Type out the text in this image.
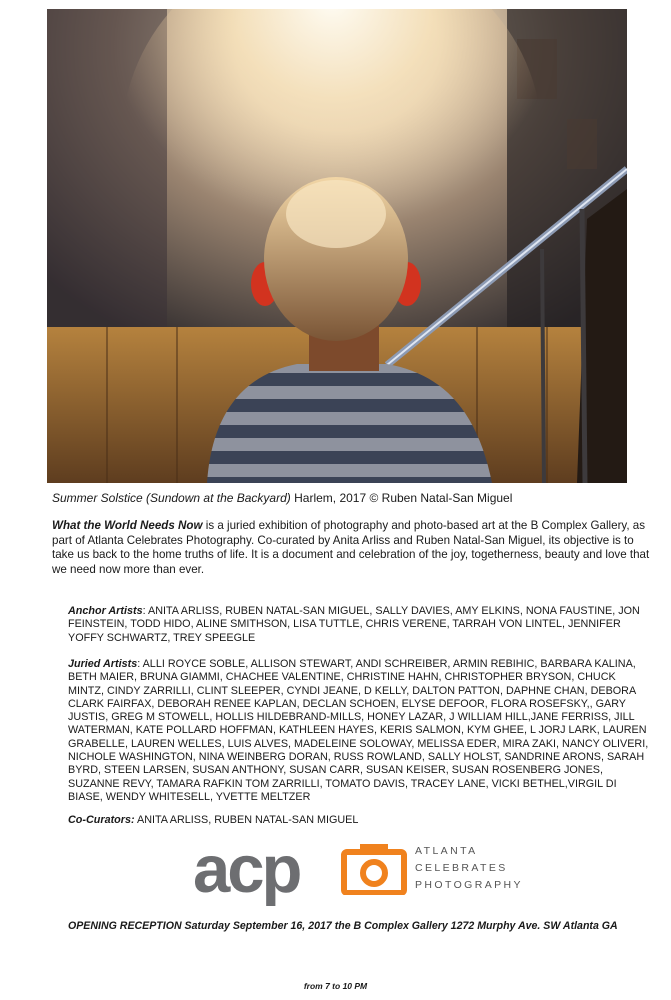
Summer Solstice (Sundown at the Backyard) Harlem, 2017 © Ruben Natal-San Miguel
What the World Needs Now is a juried exhibition of photography and photo-based art at the B Complex Gallery, as part of Atlanta Celebrates Photography. Co-curated by Anita Arliss and Ruben Natal-San Miguel, its objective is to take us back to the home truths of life. It is a document and celebration of the joy, togetherness, beauty and love that we need now more than ever.
Anchor Artists: ANITA ARLISS, RUBEN NATAL-SAN MIGUEL, SALLY DAVIES, AMY ELKINS, NONA FAUSTINE, JON FEINSTEIN, TODD HIDO, ALINE SMITHSON, LISA TUTTLE, CHRIS VERENE, TARRAH VON LINTEL, JENNIFER YOFFY SCHWARTZ, TREY SPEEGLE
Juried Artists: ALLI ROYCE SOBLE, ALLISON STEWART, ANDI SCHREIBER, ARMIN REBIHIC, BARBARA KALINA, BETH MAIER, BRUNA GIAMMI, CHACHEE VALENTINE, CHRISTINE HAHN, CHRISTOPHER BRYSON, CHUCK MINTZ, CINDY ZARRILLI, CLINT SLEEPER, CYNDI JEANE, D KELLY, DALTON PATTON, DAPHNE CHAN, DEBORA CLARK FAIRFAX, DEBORAH RENEE KAPLAN, DECLAN SCHOEN, ELYSE DEFOOR, FLORA ROSEFSKY,, GARY JUSTIS, GREG M STOWELL, HOLLIS HILDEBRAND-MILLS, HONEY LAZAR, J WILLIAM HILL,JANE FERRISS, JILL WATERMAN, KATE POLLARD HOFFMAN, KATHLEEN HAYES, KERIS SALMON, KYM GHEE, L JORJ LARK, LAUREN GRABELLE, LAUREN WELLES, LUIS ALVES, MADELEINE SOLOWAY, MELISSA EDER, MIRA ZAKI, NANCY OLIVERI, NICHOLE WASHINGTON, NINA WEINBERG DORAN, RUSS ROWLAND, SALLY HOLST, SANDRINE ARONS, SARAH BYRD, STEEN LARSEN, SUSAN ANTHONY, SUSAN CARR, SUSAN KEISER, SUSAN ROSENBERG JONES, SUZANNE REVY, TAMARA RAFKIN TOM ZARRILLI, TOMATO DAVIS, TRACEY LANE, VICKI BETHEL,VIRGIL DI BIASE, WENDY WHITESELL, YVETTE MELTZER
Co-Curators: ANITA ARLISS, RUBEN NATAL-SAN MIGUEL
acp	ATLANTA
CELEBRATES
PHOTOGRAPHY
OPENING RECEPTION Saturday September 16, 2017 the B Complex Gallery 1272 Murphy Ave. SW Atlanta GA
from 7 to 10 PM
